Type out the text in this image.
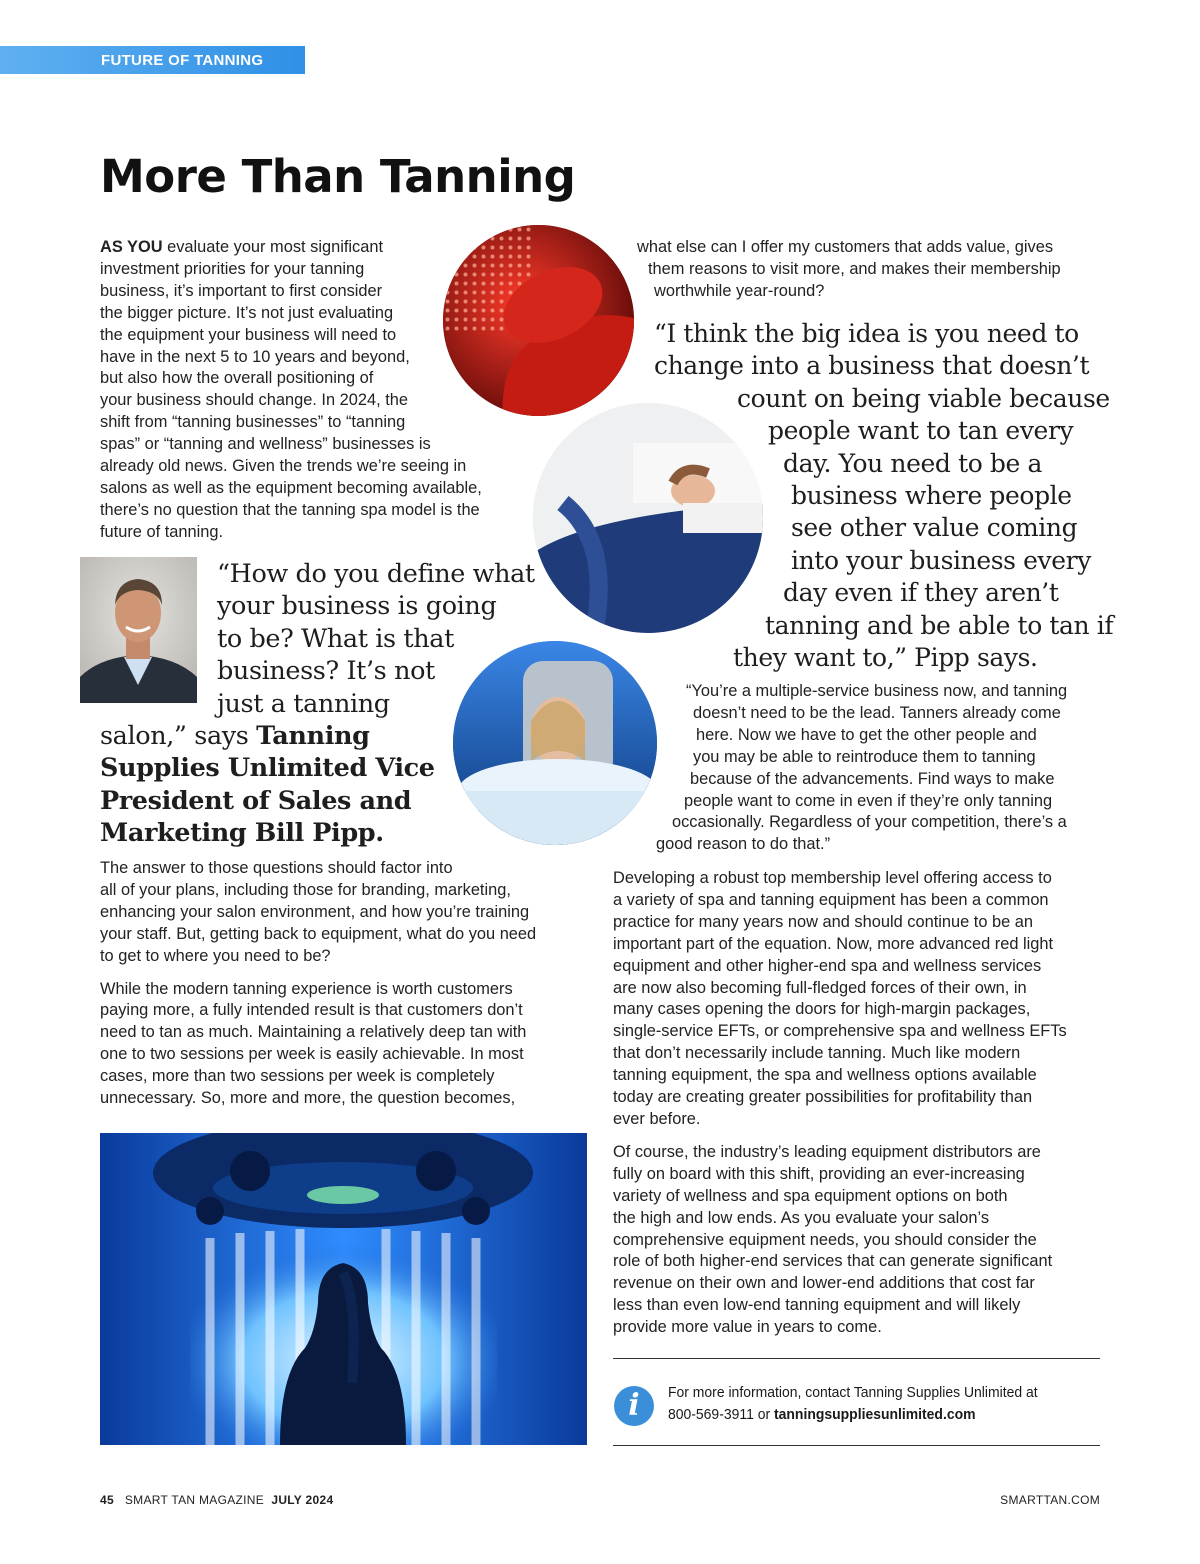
FUTURE OF TANNING
More Than Tanning

AS YOU evaluate your most significant

investment priorities for your tanning

business, it’s important to first consider

the bigger picture. It’s not just evaluating

the equipment your business will need to

have in the next 5 to 10 years and beyond,

but also how the overall positioning of

your business should change. In 2024, the

shift from “tanning businesses” to “tanning

spas” or “tanning and wellness” businesses is

already old news. Given the trends we’re seeing in

salons as well as the equipment becoming available,

there’s no question that the tanning spa model is the

future of tanning.

“How do you define what

your business is going

to be? What is that

business? It’s not

just a tanning

salon,” says Tanning

Supplies Unlimited Vice

President of Sales and

Marketing Bill Pipp.

The answer to those questions should factor into

all of your plans, including those for branding, marketing,

enhancing your salon environment, and how you’re training

your staff. But, getting back to equipment, what do you need

to get to where you need to be?

While the modern tanning experience is worth customers

paying more, a fully intended result is that customers don’t

need to tan as much. Maintaining a relatively deep tan with

one to two sessions per week is easily achievable. In most

cases, more than two sessions per week is completely

unnecessary. So, more and more, the question becomes,

what else can I offer my customers that adds value, gives

them reasons to visit more, and makes their membership

worthwhile year-round?

“I think the big idea is you need to

change into a business that doesn’t

count on being viable because

people want to tan every

day. You need to be a

business where people

see other value coming

into your business every

day even if they aren’t

tanning and be able to tan if

they want to,” Pipp says.

“You’re a multiple-service business now, and tanning

doesn’t need to be the lead. Tanners already come

here. Now we have to get the other people and

you may be able to reintroduce them to tanning

because of the advancements. Find ways to make

people want to come in even if they’re only tanning

occasionally. Regardless of your competition, there’s a

good reason to do that.”

Developing a robust top membership level offering access to

a variety of spa and tanning equipment has been a common

practice for many years now and should continue to be an

important part of the equation. Now, more advanced red light

equipment and other higher-end spa and wellness services

are now also becoming full-fledged forces of their own, in

many cases opening the doors for high-margin packages,

single-service EFTs, or comprehensive spa and wellness EFTs

that don’t necessarily include tanning. Much like modern

tanning equipment, the spa and wellness options available

today are creating greater possibilities for profitability than

ever before.

Of course, the industry’s leading equipment distributors are

fully on board with this shift, providing an ever-increasing

variety of wellness and spa equipment options on both

the high and low ends. As you evaluate your salon’s

comprehensive equipment needs, you should consider the

role of both higher-end services that can generate significant

revenue on their own and lower-end additions that cost far

less than even low-end tanning equipment and will likely

provide more value in years to come.

i	For more information, contact Tanning Supplies Unlimited at

800-569-3911 or tanningsuppliesunlimited.com

45 SMART TAN MAGAZINE JULY 2024	SMARTTAN.COM
